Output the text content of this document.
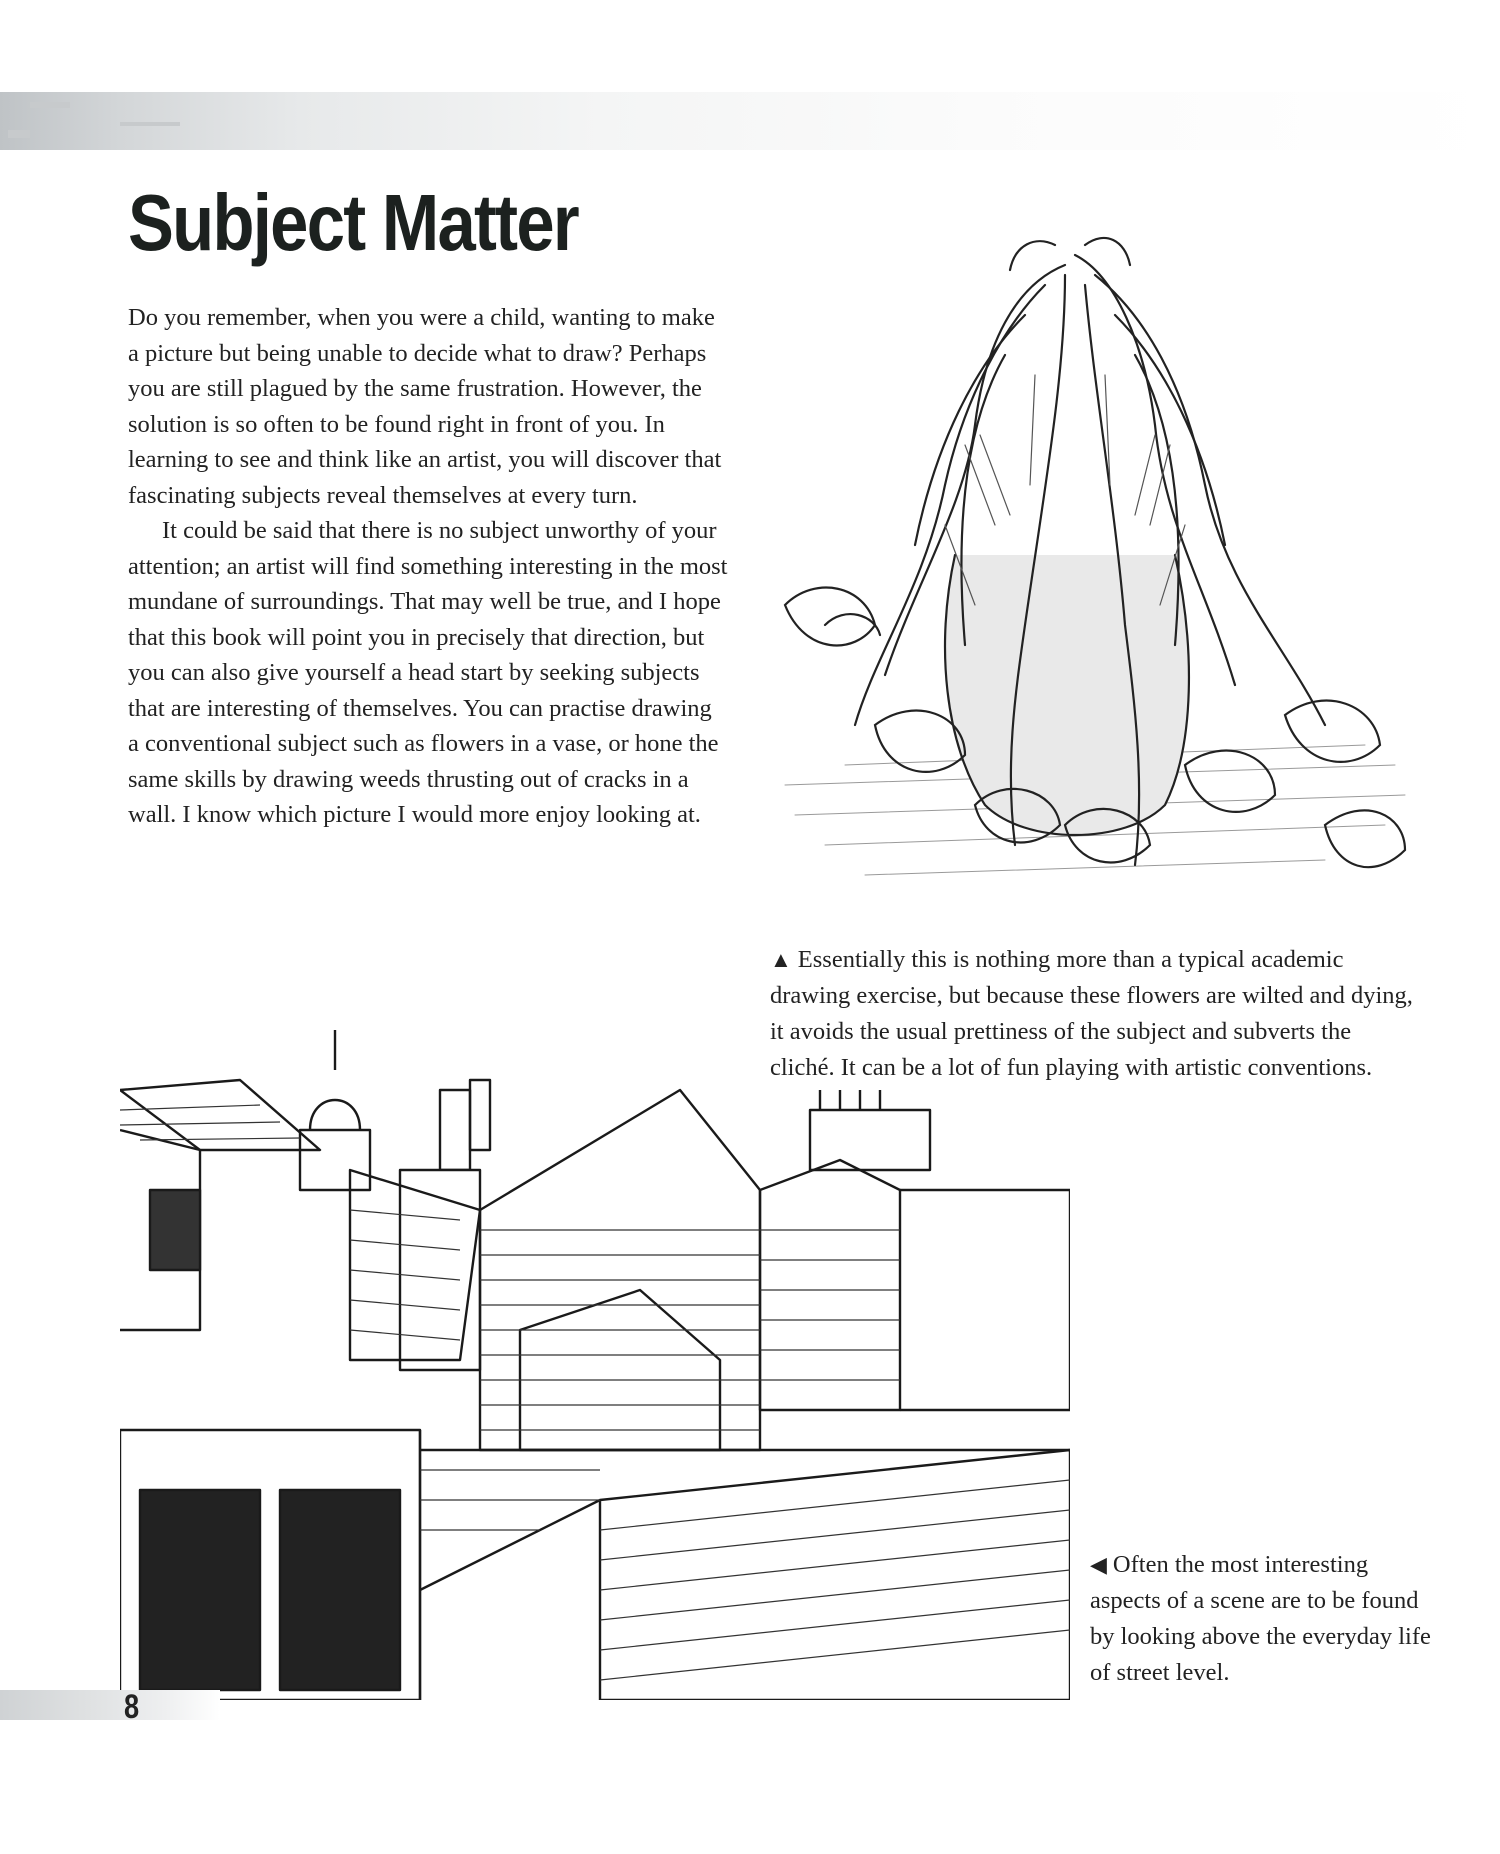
Subject Matter

Do you remember, when you were a child, wanting to make a picture but being unable to decide what to draw? Perhaps you are still plagued by the same frustration. However, the solution is so often to be found right in front of you. In learning to see and think like an artist, you will discover that fascinating subjects reveal themselves at every turn.

It could be said that there is no subject unworthy of your attention; an artist will find something interesting in the most mundane of surroundings. That may well be true, and I hope that this book will point you in precisely that direction, but you can also give yourself a head start by seeking subjects that are interesting of themselves. You can practise drawing a conventional subject such as flowers in a vase, or hone the same skills by drawing weeds thrusting out of cracks in a wall. I know which picture I would more enjoy looking at.

▲ Essentially this is nothing more than a typical academic drawing exercise, but because these flowers are wilted and dying, it avoids the usual prettiness of the subject and subverts the cliché. It can be a lot of fun playing with artistic conventions.
◀ Often the most interesting aspects of a scene are to be found by looking above the everyday life of street level.
8
